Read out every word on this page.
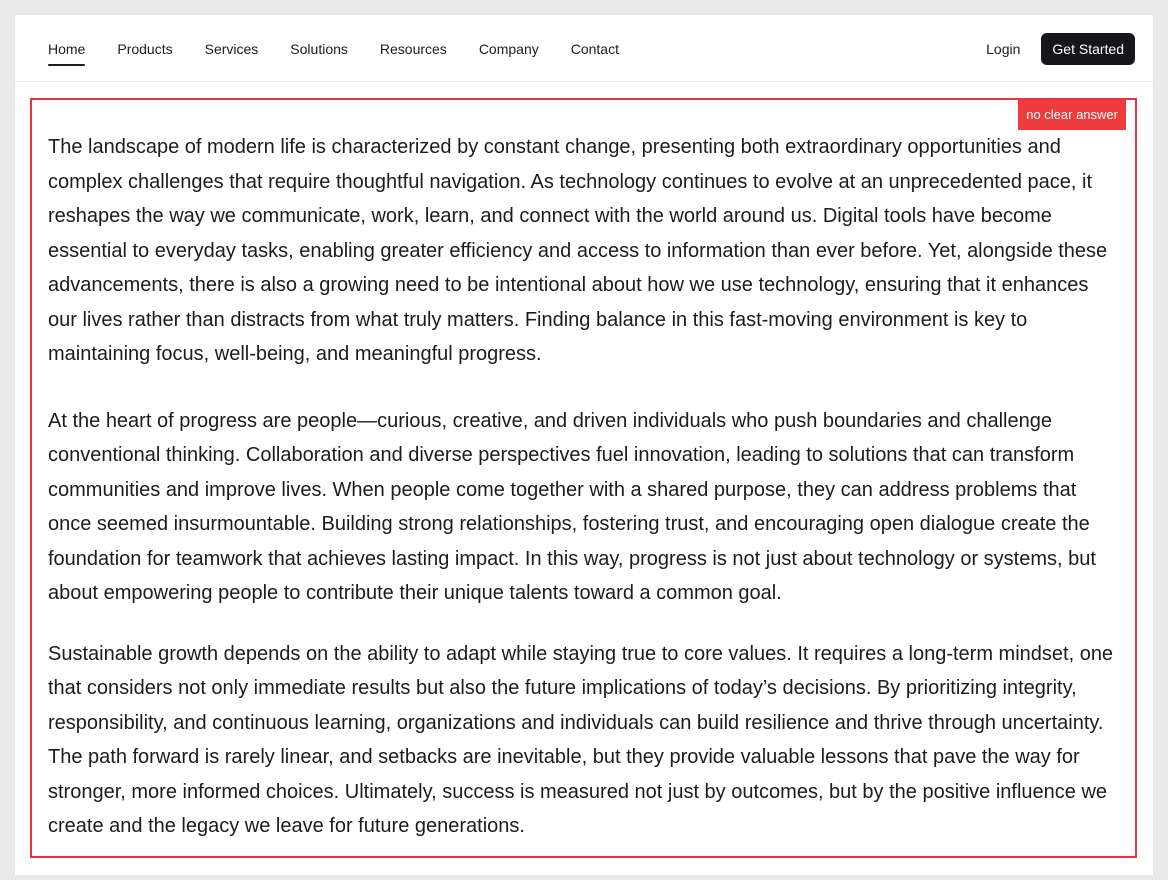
Home Products Services Solutions Resources Company Contact	Login	Get Started
no clear answer

The landscape of modern life is characterized by constant change, presenting both extraordinary opportunities and complex challenges that require thoughtful navigation. As technology continues to evolve at an unprecedented pace, it reshapes the way we communicate, work, learn, and connect with the world around us. Digital tools have become essential to everyday tasks, enabling greater efficiency and access to information than ever before. Yet, alongside these advancements, there is also a growing need to be intentional about how we use technology, ensuring that it enhances our lives rather than distracts from what truly matters. Finding balance in this fast-moving environment is key to maintaining focus, well-being, and meaningful progress.

At the heart of progress are people—curious, creative, and driven individuals who push boundaries and challenge conventional thinking. Collaboration and diverse perspectives fuel innovation, leading to solutions that can transform communities and improve lives. When people come together with a shared purpose, they can address problems that once seemed insurmountable. Building strong relationships, fostering trust, and encouraging open dialogue create the foundation for teamwork that achieves lasting impact. In this way, progress is not just about technology or systems, but about empowering people to contribute their unique talents toward a common goal.

Sustainable growth depends on the ability to adapt while staying true to core values. It requires a long-term mindset, one that considers not only immediate results but also the future implications of today’s decisions. By prioritizing integrity, responsibility, and continuous learning, organizations and individuals can build resilience and thrive through uncertainty. The path forward is rarely linear, and setbacks are inevitable, but they provide valuable lessons that pave the way for stronger, more informed choices. Ultimately, success is measured not just by outcomes, but by the positive influence we create and the legacy we leave for future generations.
